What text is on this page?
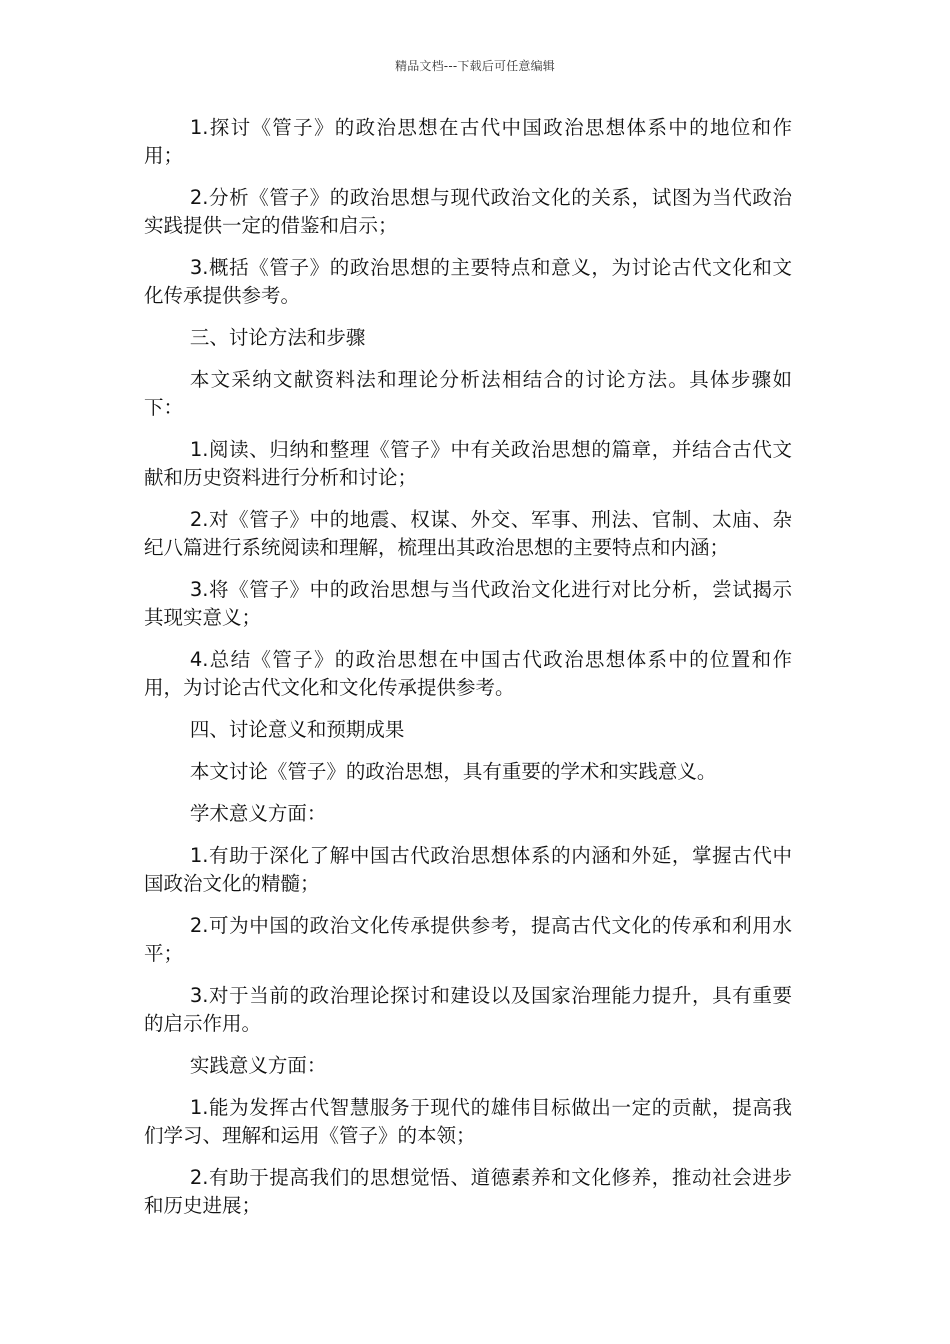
精品文档---下载后可任意编辑

1.探讨《管子》的政治思想在古代中国政治思想体系中的地位和作用；

2.分析《管子》的政治思想与现代政治文化的关系，试图为当代政治实践提供一定的借鉴和启示；

3.概括《管子》的政治思想的主要特点和意义，为讨论古代文化和文化传承提供参考。

三、讨论方法和步骤

本文采纳文献资料法和理论分析法相结合的讨论方法。具体步骤如下：

1.阅读、归纳和整理《管子》中有关政治思想的篇章，并结合古代文献和历史资料进行分析和讨论；

2.对《管子》中的地震、权谋、外交、军事、刑法、官制、太庙、杂纪八篇进行系统阅读和理解，梳理出其政治思想的主要特点和内涵；

3.将《管子》中的政治思想与当代政治文化进行对比分析，尝试揭示其现实意义；

4.总结《管子》的政治思想在中国古代政治思想体系中的位置和作用，为讨论古代文化和文化传承提供参考。

四、讨论意义和预期成果

本文讨论《管子》的政治思想，具有重要的学术和实践意义。

学术意义方面：

1.有助于深化了解中国古代政治思想体系的内涵和外延，掌握古代中国政治文化的精髓；

2.可为中国的政治文化传承提供参考，提高古代文化的传承和利用水平；

3.对于当前的政治理论探讨和建设以及国家治理能力提升，具有重要的启示作用。

实践意义方面：

1.能为发挥古代智慧服务于现代的雄伟目标做出一定的贡献，提高我们学习、理解和运用《管子》的本领；

2.有助于提高我们的思想觉悟、道德素养和文化修养，推动社会进步和历史进展；
